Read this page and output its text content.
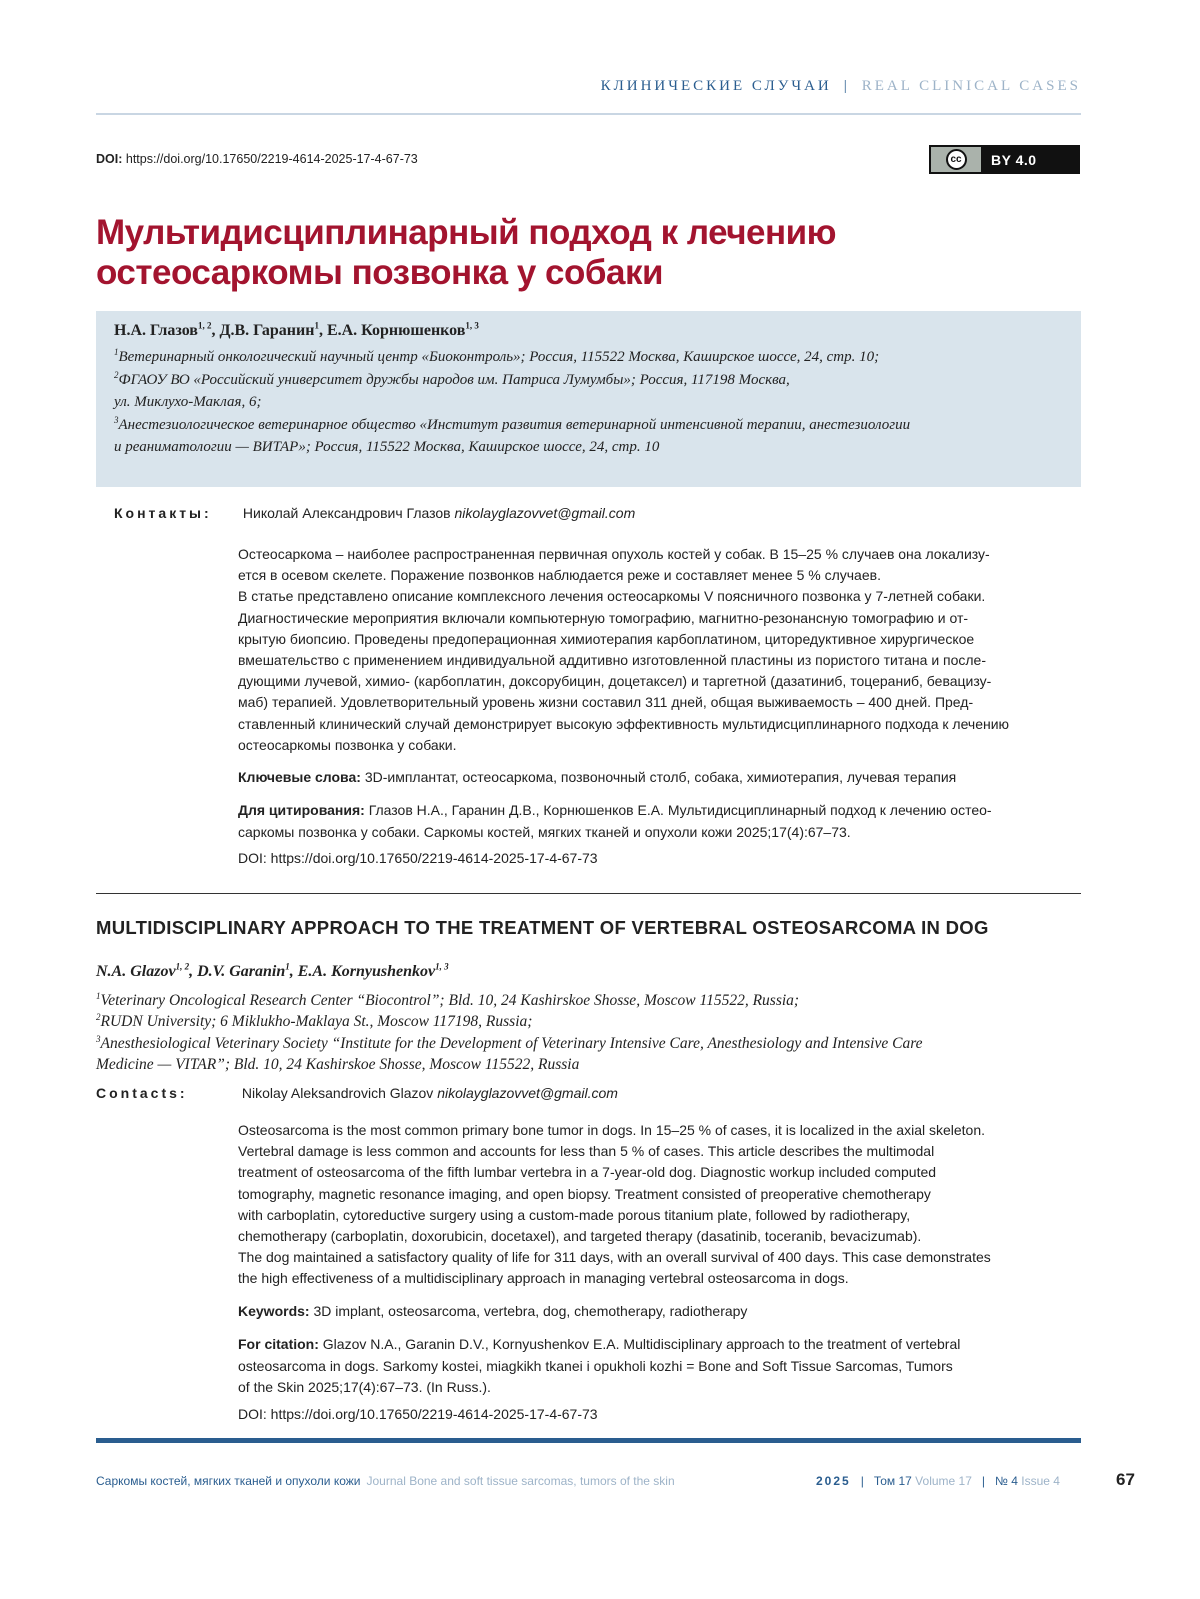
КЛИНИЧЕСКИЕ СЛУЧАИ | REAL CLINICAL CASES
DOI: https://doi.org/10.17650/2219-4614-2025-17-4-67-73	cc	BY 4.0
Мультидисциплинарный подход к лечению
остеосаркомы позвонка у собаки
Н.А. Глазов$^{1, 2}$, Д.В. Гаранин$^1$, Е.А. Корнюшенков$^{1, 3}$
$^1$Ветеринарный онкологический научный центр «Биоконтроль»; Россия, 115522 Москва, Каширское шоссе, 24, стр. 10;
$^2$ФГАОУ ВО «Российский университет дружбы народов им. Патриса Лумумбы»; Россия, 117198 Москва,
ул. Миклухо-Маклая, 6;
$^3$Анестезиологическое ветеринарное общество «Институт развития ветеринарной интенсивной терапии, анестезиологии
и реаниматологии — ВИТАР»; Россия, 115522 Москва, Каширское шоссе, 24, стр. 10
Контакты: Николай Александрович Глазов nikolayglazovvet@gmail.com
Остеосаркома – наиболее распространенная первичная опухоль костей у собак. В 15–25 % случаев она локализу-
ется в осевом скелете. Поражение позвонков наблюдается реже и составляет менее 5 % случаев.
В статье представлено описание комплексного лечения остеосаркомы V поясничного позвонка у 7-летней собаки.
Диагностические мероприятия включали компьютерную томографию, магнитно-резонансную томографию и от-
крытую биопсию. Проведены предоперационная химиотерапия карбоплатином, циторедуктивное хирургическое
вмешательство с применением индивидуальной аддитивно изготовленной пластины из пористого титана и после-
дующими лучевой, химио- (карбоплатин, доксорубицин, доцетаксел) и таргетной (дазатиниб, тоцераниб, бевацизу-
маб) терапией. Удовлетворительный уровень жизни составил 311 дней, общая выживаемость – 400 дней. Пред-
ставленный клинический случай демонстрирует высокую эффективность мультидисциплинарного подхода к лечению
остеосаркомы позвонка у собаки.
Ключевые слова: 3D-имплантат, остеосаркома, позвоночный столб, собака, химиотерапия, лучевая терапия
Для цитирования: Глазов Н.А., Гаранин Д.В., Корнюшенков Е.А. Мультидисциплинарный подход к лечению остео-
саркомы позвонка у собаки. Саркомы костей, мягких тканей и опухоли кожи 2025;17(4):67–73.
DOI: https://doi.org/10.17650/2219-4614-2025-17-4-67-73
MULTIDISCIPLINARY APPROACH TO THE TREATMENT OF VERTEBRAL OSTEOSARCOMA IN DOG
N.A. Glazov$^{1, 2}$, D.V. Garanin$^1$, E.A. Kornyushenkov$^{1, 3}$
$^1$Veterinary Oncological Research Center “Biocontrol”; Bld. 10, 24 Kashirskoe Shosse, Moscow 115522, Russia;
$^2$RUDN University; 6 Miklukho-Maklaya St., Moscow 117198, Russia;
$^3$Anesthesiological Veterinary Society “Institute for the Development of Veterinary Intensive Care, Anesthesiology and Intensive Care
Medicine — VITAR”; Bld. 10, 24 Kashirskoe Shosse, Moscow 115522, Russia
Contacts:	Nikolay Aleksandrovich Glazov nikolayglazovvet@gmail.com
Osteosarcoma is the most common primary bone tumor in dogs. In 15–25 % of cases, it is localized in the axial skeleton.
Vertebral damage is less common and accounts for less than 5 % of cases. This article describes the multimodal
treatment of osteosarcoma of the fifth lumbar vertebra in a 7-year-old dog. Diagnostic workup included computed
tomography, magnetic resonance imaging, and open biopsy. Treatment consisted of preoperative chemotherapy
with carboplatin, cytoreductive surgery using a custom-made porous titanium plate, followed by radiotherapy,
chemotherapy (carboplatin, doxorubicin, docetaxel), and targeted therapy (dasatinib, toceranib, bevacizumab).
The dog maintained a satisfactory quality of life for 311 days, with an overall survival of 400 days. This case demonstrates
the high effectiveness of a multidisciplinary approach in managing vertebral osteosarcoma in dogs.
Keywords: 3D implant, osteosarcoma, vertebra, dog, chemotherapy, radiotherapy
For citation: Glazov N.A., Garanin D.V., Kornyushenkov E.A. Multidisciplinary approach to the treatment of vertebral
osteosarcoma in dogs. Sarkomy kostei, miagkikh tkanei i opukholi kozhi = Bone and Soft Tissue Sarcomas, Tumors
of the Skin 2025;17(4):67–73. (In Russ.).
DOI: https://doi.org/10.17650/2219-4614-2025-17-4-67-73
Саркомы костей, мягких тканей и опухоли кожи Journal Bone and soft tissue sarcomas, tumors of the skin	2025 | Том 17 Volume 17 | № 4 Issue 4	67
